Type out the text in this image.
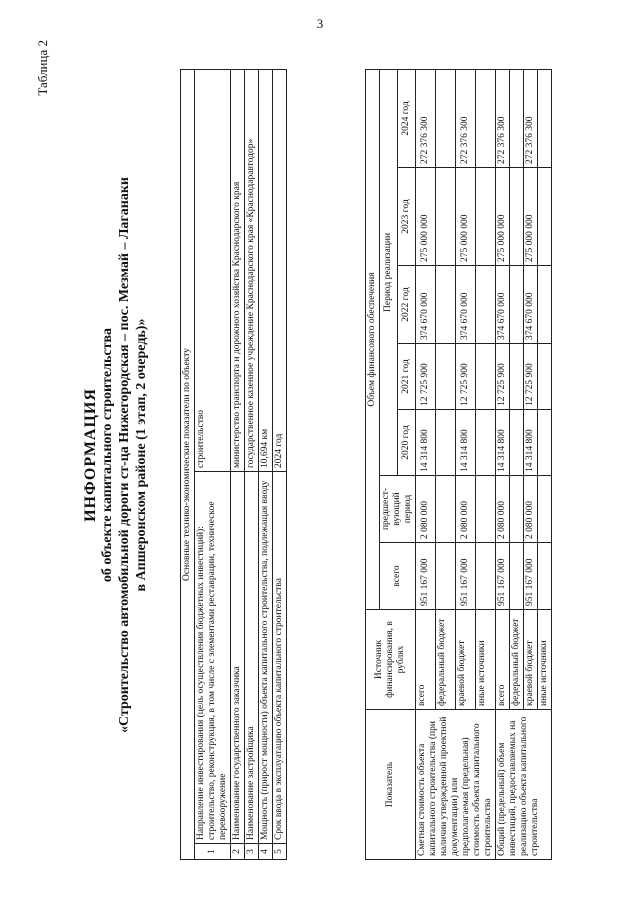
3
Таблица 2
ИНФОРМАЦИЯ об объекте капитального строительства «Строительство автомобильной дороги ст-ца Нижегородская – пос. Мезмай – Лаганаки в Апшеронском районе (1 этап, 2 очередь)»	Основные технико-экономические показатели по объекту		
1	Направление инвестирования (цель осуществления бюджетных инвестиций): строительство, реконструкция, в том числе с элементами реставрации, техническое перевооружение	строительство
2	Наименование государственного заказчика	министерство транспорта и дорожного хозяйства Краснодарского края
3	Наименование застройщика	государственное казенное учреждение Краснодарского края «Краснодаравтодор»
4	Мощность (прирост мощности) объекта капитального строительства, подлежащая вводу	10,694 км
5	Срок ввода в эксплуатацию объекта капитального строительства	2024 год
Показатель	Источник финансирования, в рублях	Объем финансового обеспечения						
		всего	предшест-вующий период	Период реализации				
				2020 год	2021 год	2022 год	2023 год	2024 год
Сметная стоимость объекта капитального строительства (при наличии утвержденной проектной документации) или предполагаемая (предельная) стоимость объекта капитального строительства	всего	951 167 000	2 080 000	14 314 800	12 725 900	374 670 000	275 000 000	272 376 300
	федеральный бюджет							
	краевой бюджет	951 167 000	2 080 000	14 314 800	12 725 900	374 670 000	275 000 000	272 376 300
	иные источники							
Общий (предельный) объем инвестиций, предоставляемых на реализацию объекта капитального строительства	всего	951 167 000	2 080 000	14 314 800	12 725 900	374 670 000	275 000 000	272 376 300
	федеральный бюджет							
	краевой бюджет	951 167 000	2 080 000	14 314 800	12 725 900	374 670 000	275 000 000	272 376 300
	иные источники							
